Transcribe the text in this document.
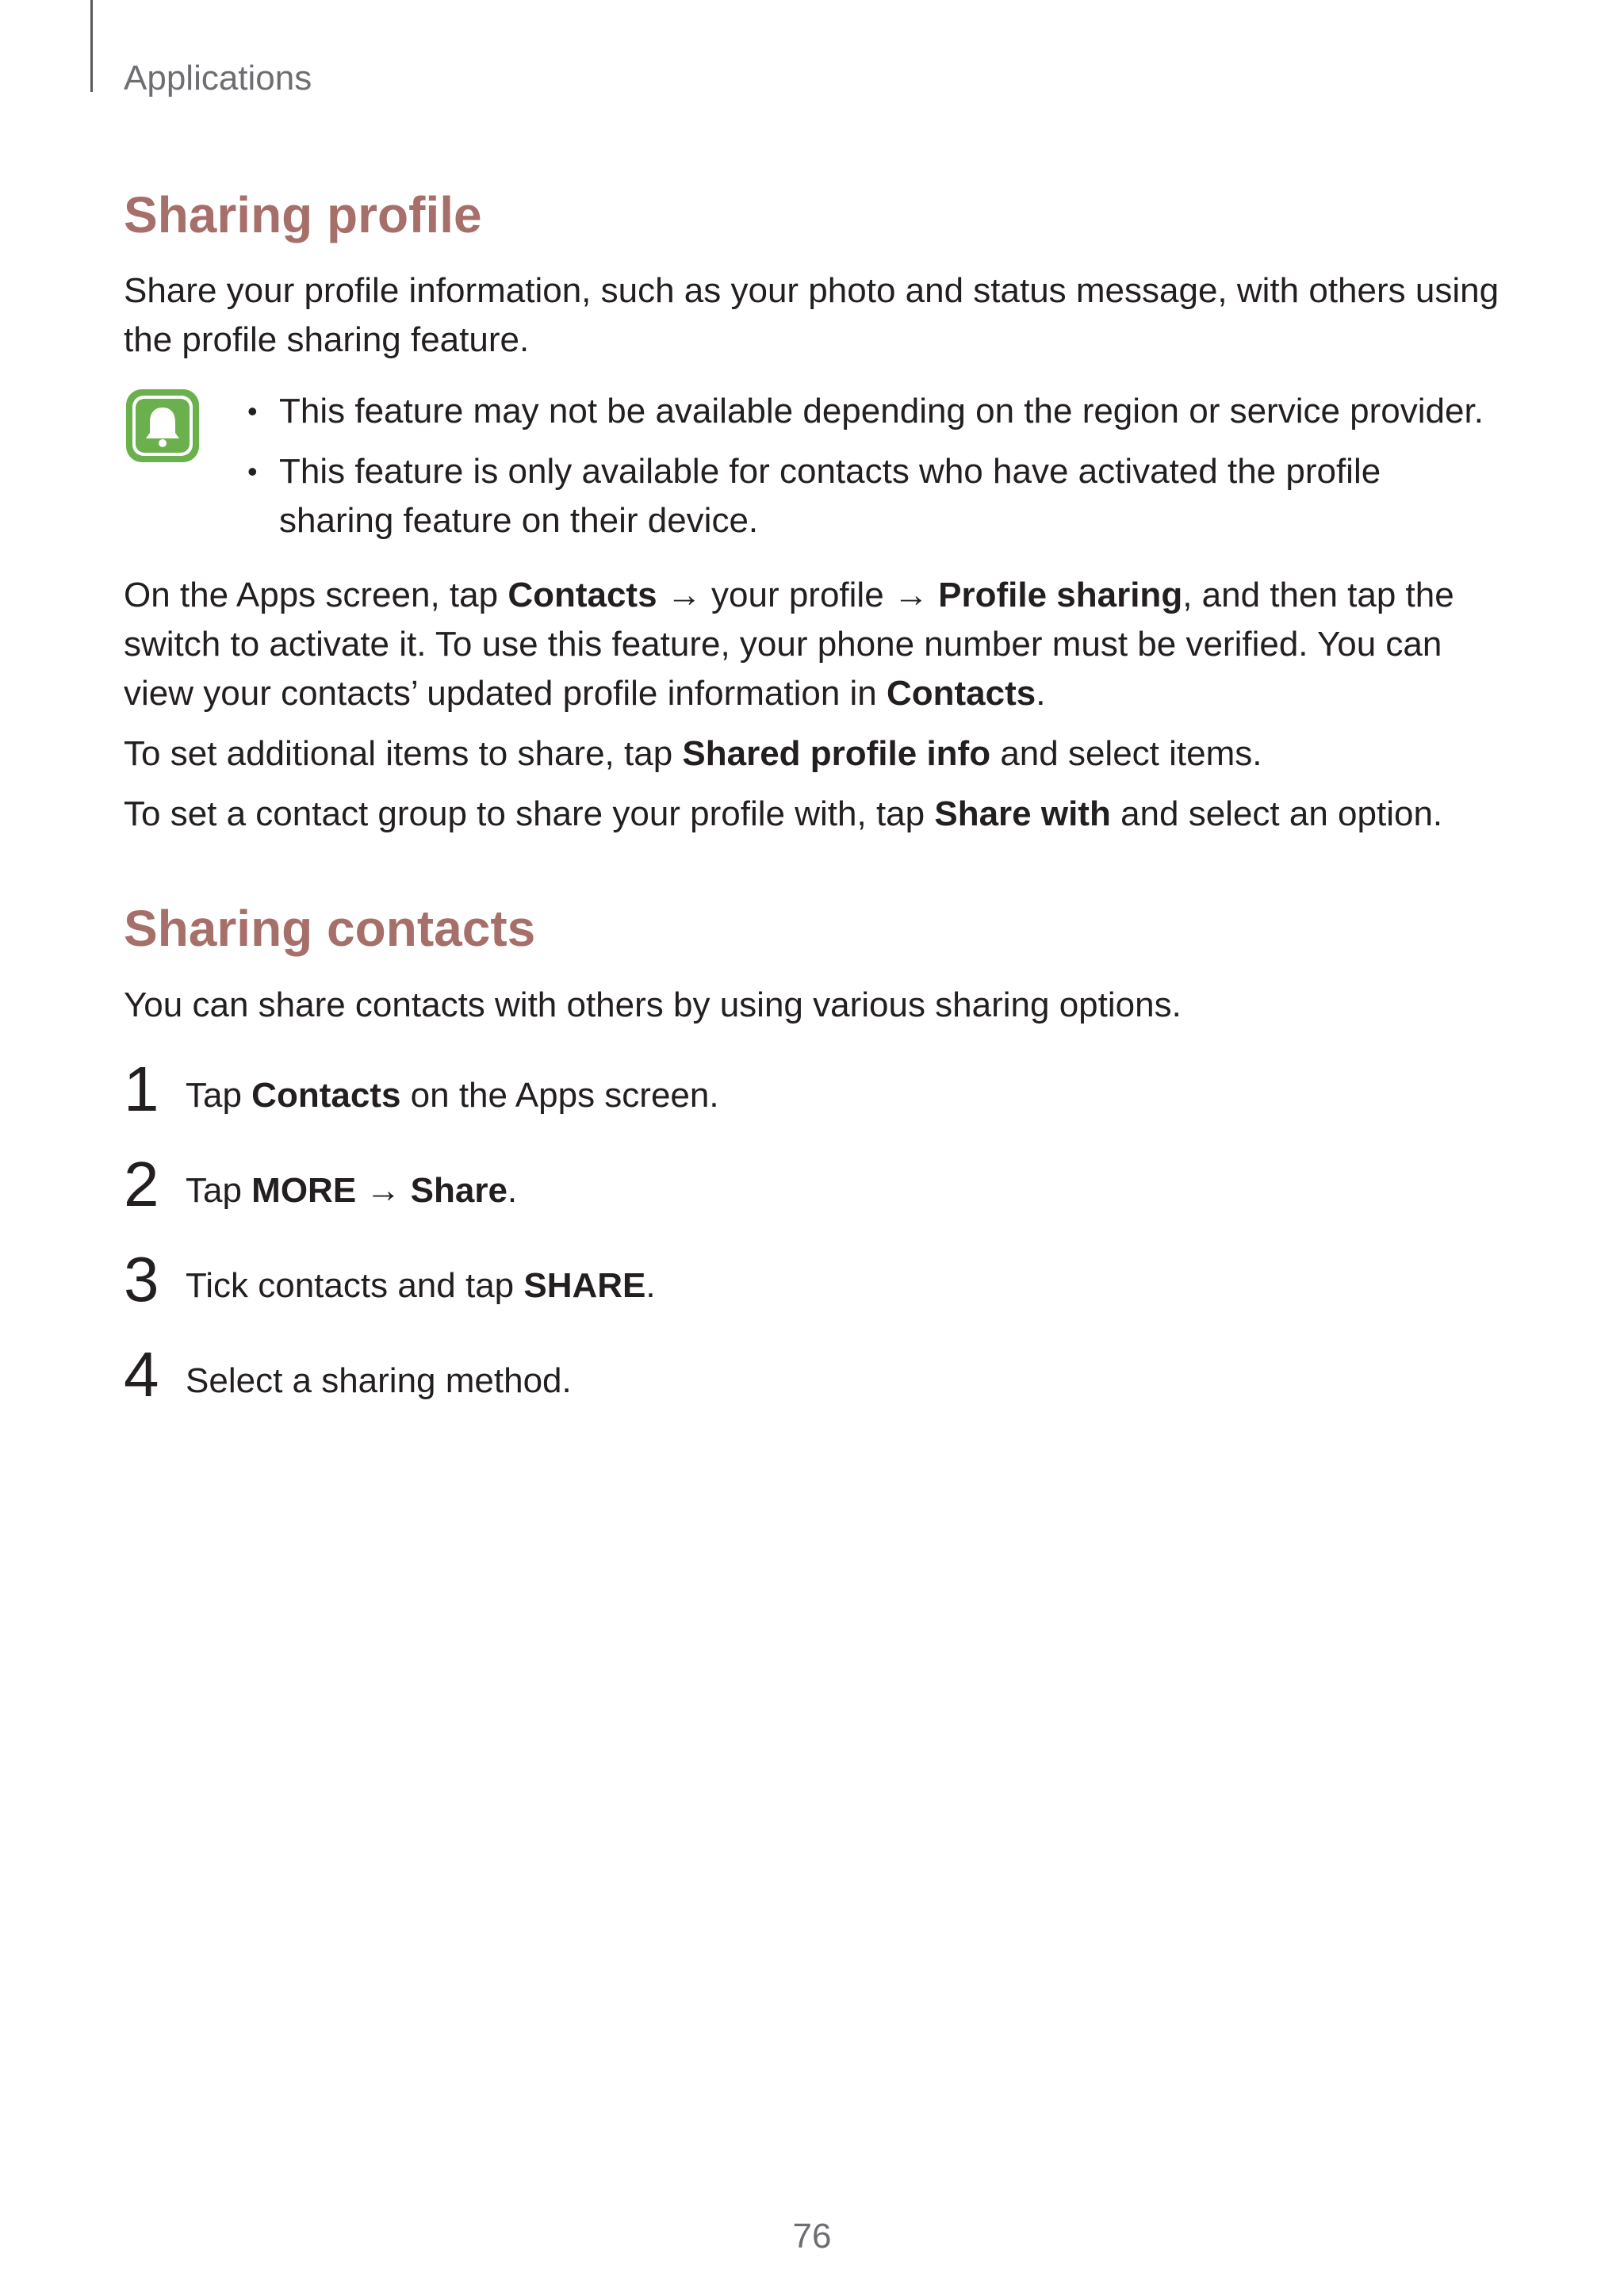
Applications
Sharing profile

Share your profile information, such as your photo and status message, with others using the profile sharing feature.

• This feature may not be available depending on the region or service provider.
• This feature is only available for contacts who have activated the profile sharing feature on their device.

On the Apps screen, tap Contacts → your profile → Profile sharing, and then tap the switch to activate it. To use this feature, your phone number must be verified. You can view your contacts’ updated profile information in Contacts.

To set additional items to share, tap Shared profile info and select items.

To set a contact group to share your profile with, tap Share with and select an option.

Sharing contacts

You can share contacts with others by using various sharing options.

1 Tap Contacts on the Apps screen.
2 Tap MORE → Share.
3 Tick contacts and tap SHARE.
4 Select a sharing method.
76
